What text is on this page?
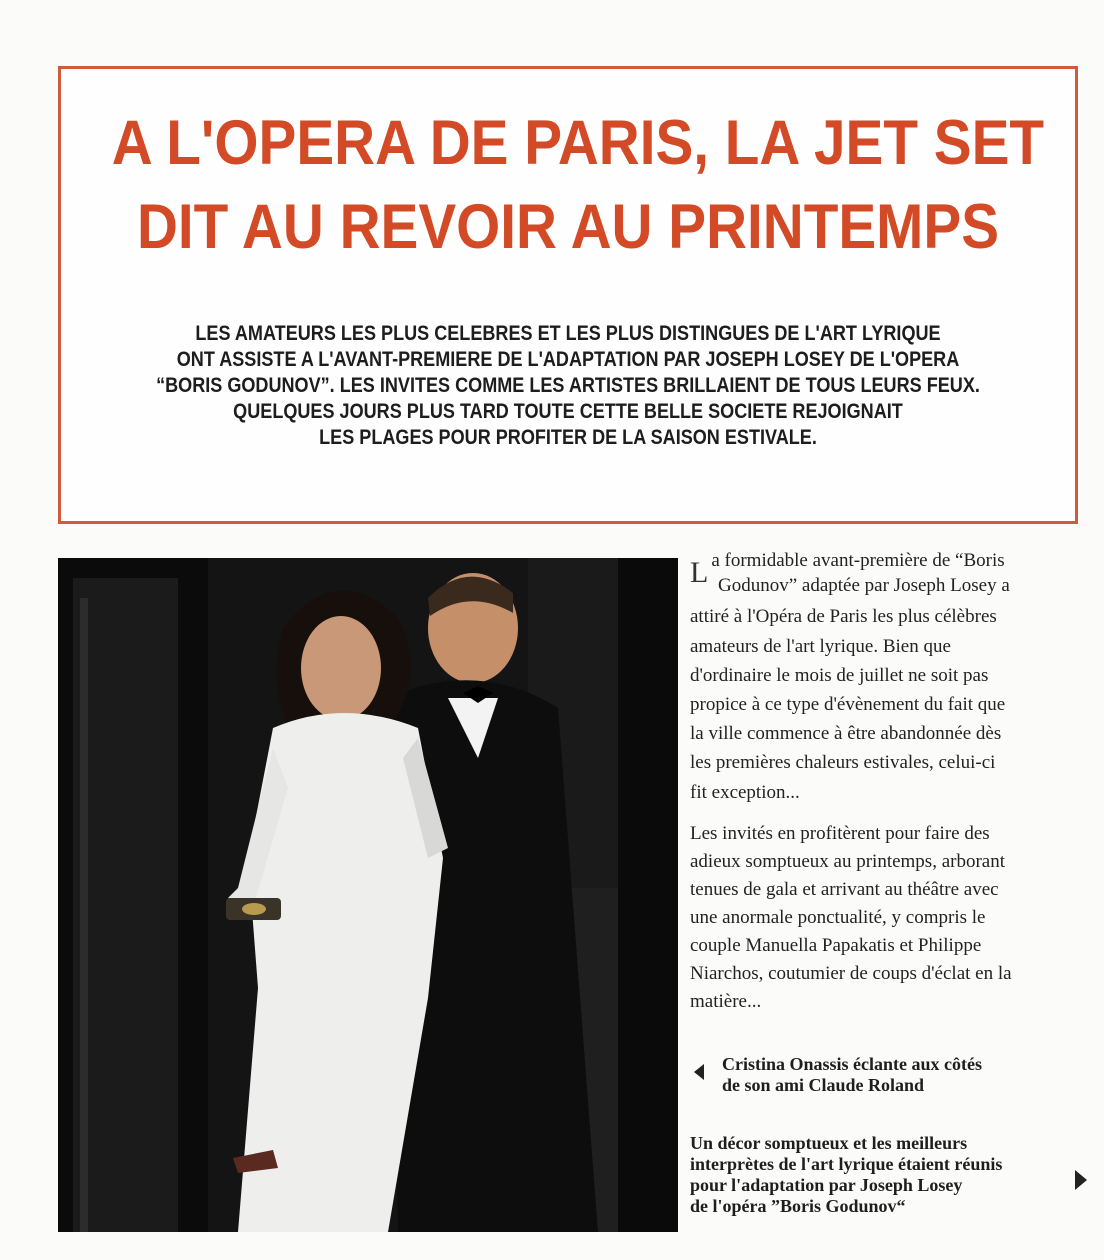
A L'OPERA DE PARIS, LA JET SET
DIT AU REVOIR AU PRINTEMPS
LES AMATEURS LES PLUS CELEBRES ET LES PLUS DISTINGUES DE L'ART LYRIQUE
ONT ASSISTE A L'AVANT-PREMIERE DE L'ADAPTATION PAR JOSEPH LOSEY DE L'OPERA
“BORIS GODUNOV”. LES INVITES COMME LES ARTISTES BRILLAIENT DE TOUS LEURS FEUX.
QUELQUES JOURS PLUS TARD TOUTE CETTE BELLE SOCIETE REJOIGNAIT
LES PLAGES POUR PROFITER DE LA SAISON ESTIVALE.
L a formidable avant-première de “Boris
Godunov” adaptée par Joseph Losey a
attiré à l'Opéra de Paris les plus célèbres
amateurs de l'art lyrique. Bien que
d'ordinaire le mois de juillet ne soit pas
propice à ce type d'évènement du fait que
la ville commence à être abandonnée dès
les premières chaleurs estivales, celui-ci
fit exception...
Les invités en profitèrent pour faire des
adieux somptueux au printemps, arborant
tenues de gala et arrivant au théâtre avec
une anormale ponctualité, y compris le
couple Manuella Papakatis et Philippe
Niarchos, coutumier de coups d'éclat en la
matière...
Cristina Onassis éclante aux côtés
de son ami Claude Roland
Un décor somptueux et les meilleurs
interprètes de l'art lyrique étaient réunis
pour l'adaptation par Joseph Losey
de l'opéra ”Boris Godunov“
